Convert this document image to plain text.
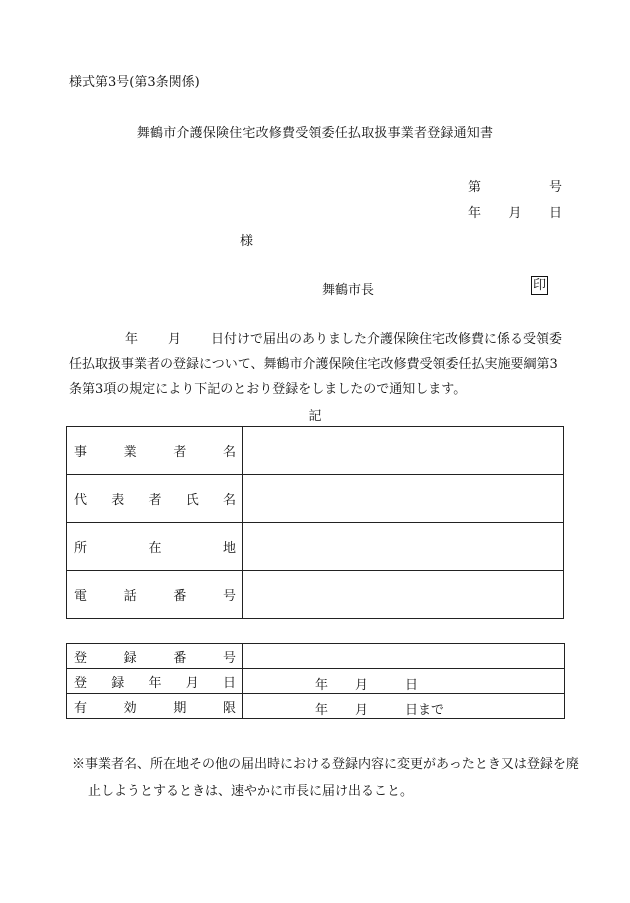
様式第3号(第3条関係)
舞鶴市介護保険住宅改修費受領委任払取扱事業者登録通知書
第	号
年 月 日
様
舞鶴市長	印
年 月 日付けで届出のありました介護保険住宅改修費に係る受領委任払取扱事業者の登録について、舞鶴市介護保険住宅改修費受領委任払実施要綱第3条第3項の規定により下記のとおり登録をしましたので通知します。
記
事 業 者 名	

代 表 者 氏 名	

所 在 地	

電 話 番 号	

登 録 番 号	

登 録 年 月 日	年 月 日

有 効 期 限	年 月 日まで
※事業者名、所在地その他の届出時における登録内容に変更があったとき又は登録を廃止しようとするときは、速やかに市長に届け出ること。
